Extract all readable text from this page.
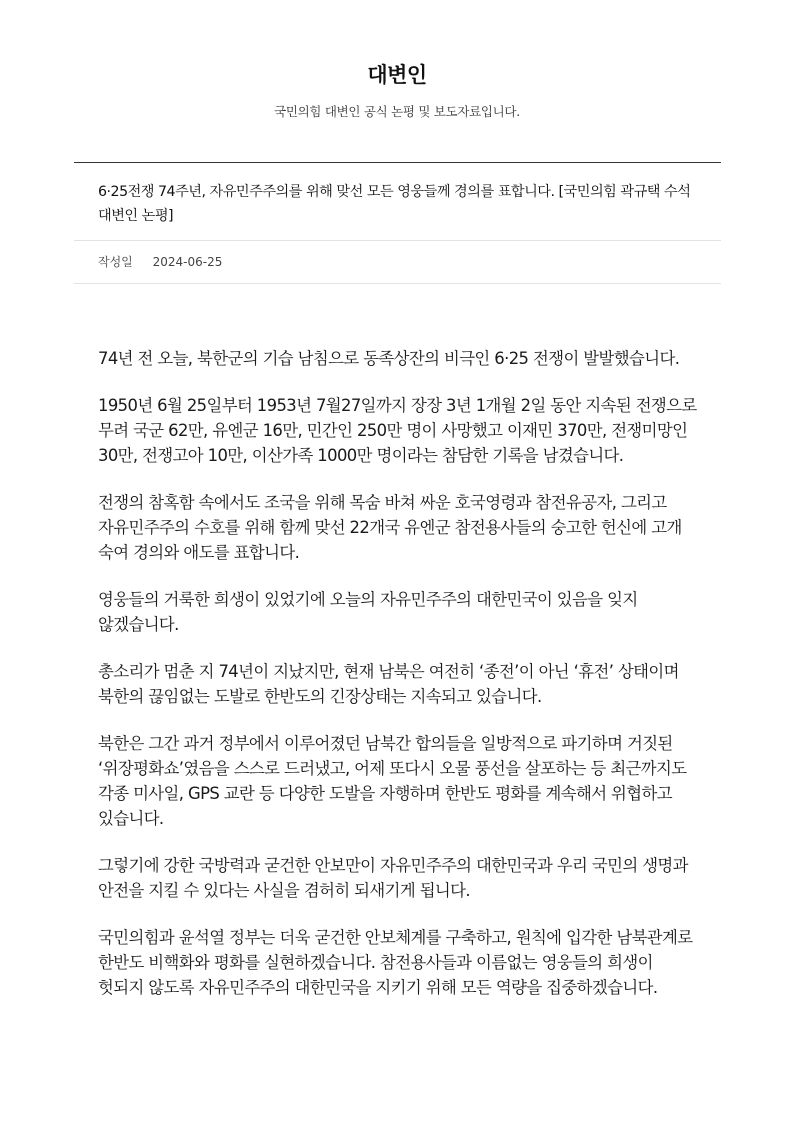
대변인

국민의힘 대변인 공식 논평 및 보도자료입니다.

6·25전쟁 74주년, 자유민주주의를 위해 맞선 모든 영웅들께 경의를 표합니다. [국민의힘 곽규택 수석대변인 논평]
작성일 2024-06-25

74년 전 오늘, 북한군의 기습 남침으로 동족상잔의 비극인 6·25 전쟁이 발발했습니다.

1950년 6월 25일부터 1953년 7월27일까지 장장 3년 1개월 2일 동안 지속된 전쟁으로 무려 국군 62만, 유엔군 16만, 민간인 250만 명이 사망했고 이재민 370만, 전쟁미망인 30만, 전쟁고아 10만, 이산가족 1000만 명이라는 참담한 기록을 남겼습니다.

전쟁의 참혹함 속에서도 조국을 위해 목숨 바쳐 싸운 호국영령과 참전유공자, 그리고 자유민주주의 수호를 위해 함께 맞선 22개국 유엔군 참전용사들의 숭고한 헌신에 고개 숙여 경의와 애도를 표합니다.

영웅들의 거룩한 희생이 있었기에 오늘의 자유민주주의 대한민국이 있음을 잊지 않겠습니다.

총소리가 멈춘 지 74년이 지났지만, 현재 남북은 여전히 ‘종전’이 아닌 ‘휴전’ 상태이며 북한의 끊임없는 도발로 한반도의 긴장상태는 지속되고 있습니다.

북한은 그간 과거 정부에서 이루어졌던 남북간 합의들을 일방적으로 파기하며 거짓된 ‘위장평화쇼’였음을 스스로 드러냈고, 어제 또다시 오물 풍선을 살포하는 등 최근까지도 각종 미사일, GPS 교란 등 다양한 도발을 자행하며 한반도 평화를 계속해서 위협하고 있습니다.

그렇기에 강한 국방력과 굳건한 안보만이 자유민주주의 대한민국과 우리 국민의 생명과 안전을 지킬 수 있다는 사실을 겸허히 되새기게 됩니다.

국민의힘과 윤석열 정부는 더욱 굳건한 안보체계를 구축하고, 원칙에 입각한 남북관계로 한반도 비핵화와 평화를 실현하겠습니다. 참전용사들과 이름없는 영웅들의 희생이 헛되지 않도록 자유민주주의 대한민국을 지키기 위해 모든 역량을 집중하겠습니다.
